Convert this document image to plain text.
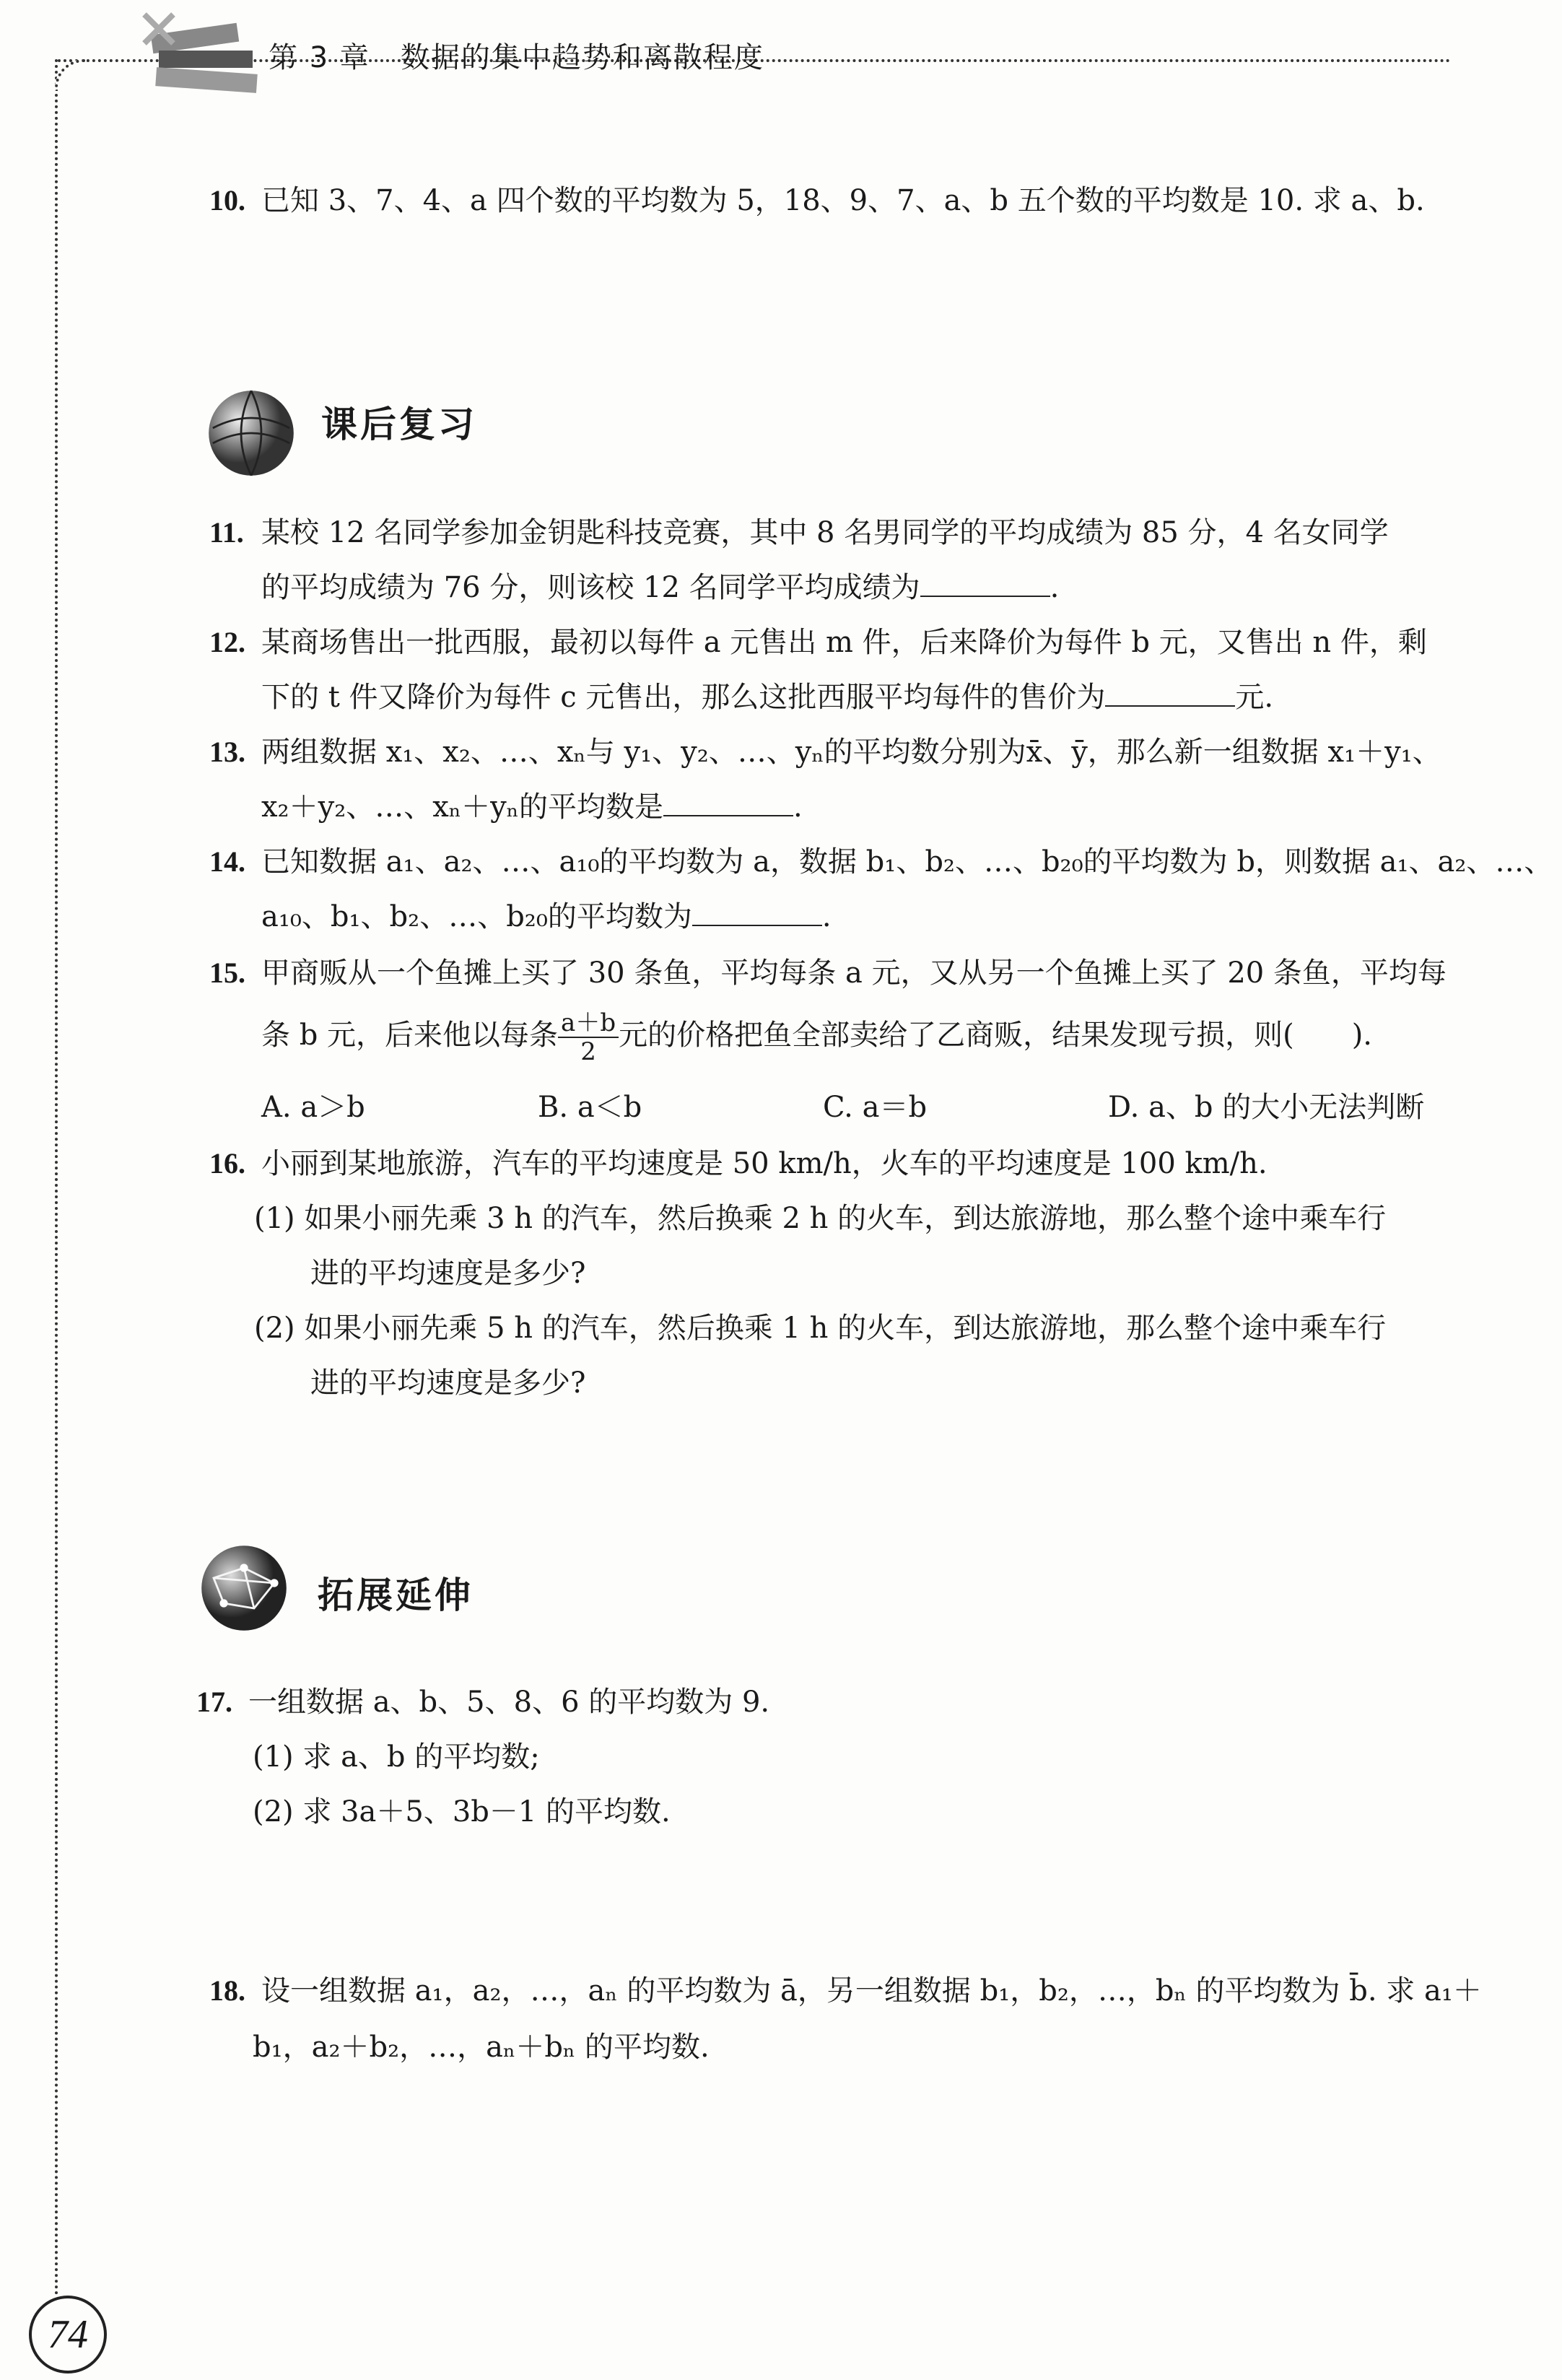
第 3 章　数据的集中趋势和离散程度
10. 已知 3、7、4、a 四个数的平均数为 5，18、9、7、a、b 五个数的平均数是 10. 求 a、b.
课后复习
11. 某校 12 名同学参加金钥匙科技竞赛，其中 8 名男同学的平均成绩为 85 分，4 名女同学
的平均成绩为 76 分，则该校 12 名同学平均成绩为	.
12. 某商场售出一批西服，最初以每件 a 元售出 m 件，后来降价为每件 b 元，又售出 n 件，剩
下的 t 件又降价为每件 c 元售出，那么这批西服平均每件的售价为	元.
13. 两组数据 x₁、x₂、…、xₙ与 y₁、y₂、…、yₙ的平均数分别为x̄、ȳ，那么新一组数据 x₁＋y₁、
x₂＋y₂、…、xₙ＋yₙ的平均数是	.
14. 已知数据 a₁、a₂、…、a₁₀的平均数为 a，数据 b₁、b₂、…、b₂₀的平均数为 b，则数据 a₁、a₂、…、
a₁₀、b₁、b₂、…、b₂₀的平均数为	.
15. 甲商贩从一个鱼摊上买了 30 条鱼，平均每条 a 元，又从另一个鱼摊上买了 20 条鱼，平均每
条 b 元，后来他以每条 $\frac{a+b}{2}$ 元的价格把鱼全部卖给了乙商贩，结果发现亏损，则(　　).
A. a＞b	B. a＜b	C. a＝b	D. a、b 的大小无法判断
16. 小丽到某地旅游，汽车的平均速度是 50 km/h，火车的平均速度是 100 km/h.
(1) 如果小丽先乘 3 h 的汽车，然后换乘 2 h 的火车，到达旅游地，那么整个途中乘车行
进的平均速度是多少?
(2) 如果小丽先乘 5 h 的汽车，然后换乘 1 h 的火车，到达旅游地，那么整个途中乘车行
进的平均速度是多少?
拓展延伸
17. 一组数据 a、b、5、8、6 的平均数为 9.
(1) 求 a、b 的平均数;
(2) 求 3a＋5、3b－1 的平均数.
18. 设一组数据 a₁，a₂，…，aₙ 的平均数为 ā，另一组数据 b₁，b₂，…，bₙ 的平均数为 b̄. 求 a₁＋
b₁，a₂＋b₂，…，aₙ＋bₙ 的平均数.
74
